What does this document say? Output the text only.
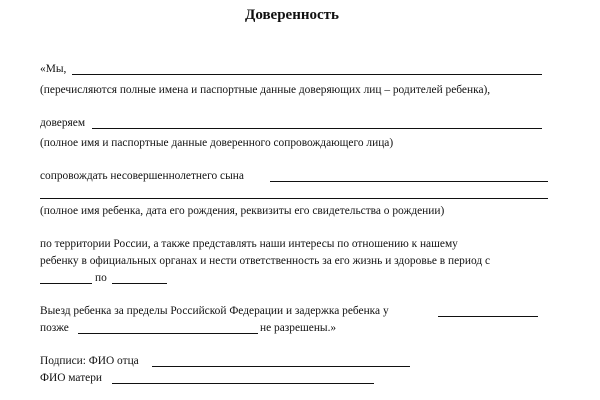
Доверенность
«Мы,
(перечисляются полные имена и паспортные данные доверяющих лиц – родителей ребенка),
доверяем
(полное имя и паспортные данные доверенного сопровождающего лица)
сопровождать несовершеннолетнего сына
(полное имя ребенка, дата его рождения, реквизиты его свидетельства о рождении)
по территории России, а также представлять наши интересы по отношению к нашему
ребенку в официальных органах и нести ответственность за его жизнь и здоровье в период с
по
Выезд ребенка за пределы Российской Федерации и задержка ребенка у
позже	не разрешены.»
Подписи: ФИО отца
ФИО матери
